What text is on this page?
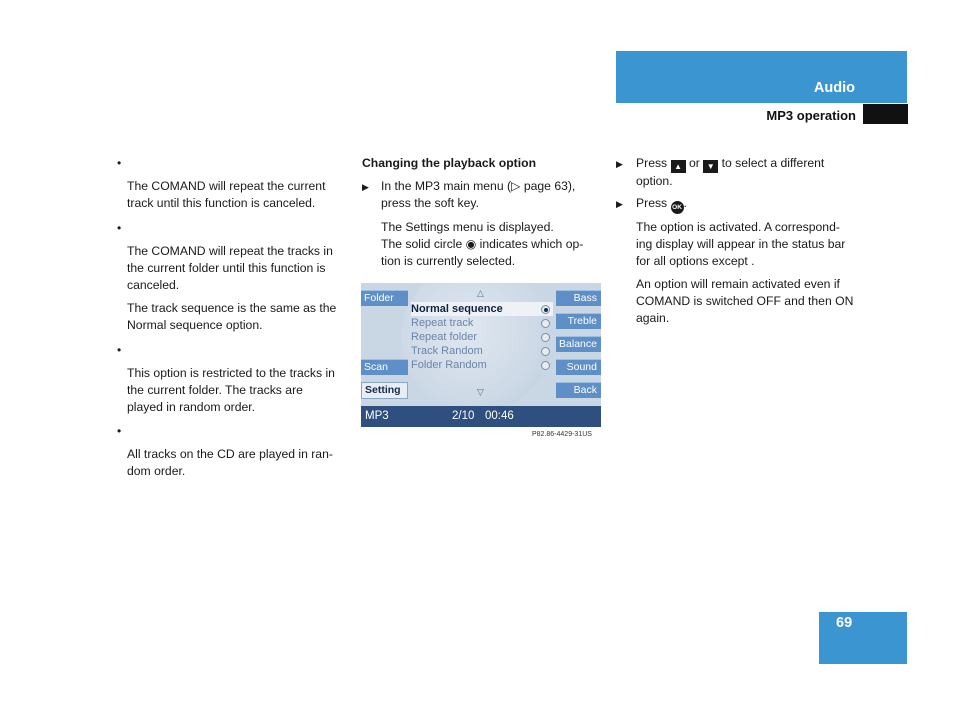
Audio
MP3 operation
•

The COMAND will repeat the current

track until this function is canceled.

•

The COMAND will repeat the tracks in

the current folder until this function is

canceled.

The track sequence is the same as the

Normal sequence option.

•

This option is restricted to the tracks in

the current folder. The tracks are

played in random order.

•

All tracks on the CD are played in ran-

dom order.

Changing the playback option
▶ In the MP3 main menu (▷ page 63),

press the soft key.

The Settings menu is displayed.

The solid circle ◉ indicates which op-

tion is currently selected.

Folder
Scan
Setting
Bass
Treble
Balance
Sound
Back
△
Normal sequence
Repeat track
Repeat folder
Track Random
Folder Random
▽
MP3	2/10 00:46
P82.86-4429-31US
▶ Press ▲ or ▼ to select a different

option.

▶ Press OK .

The option is activated. A correspond-

ing display will appear in the status bar

for all options except .

An option will remain activated even if

COMAND is switched OFF and then ON

again.

69
